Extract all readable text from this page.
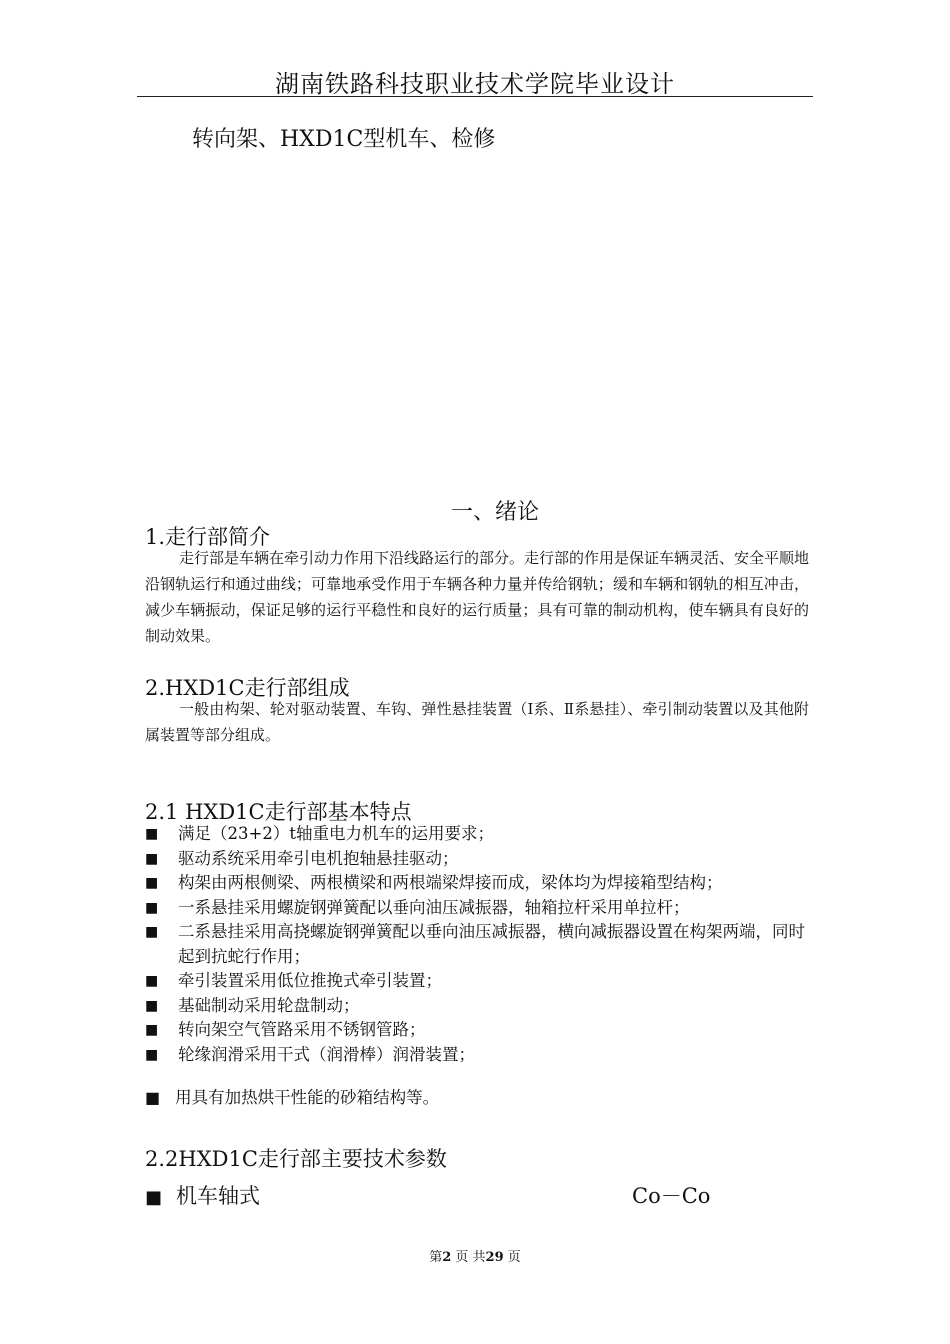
湖南铁路科技职业技术学院毕业设计
转向架、HXD1C型机车、检修
一、绪论
1.走行部简介
走行部是车辆在牵引动力作用下沿线路运行的部分。走行部的作用是保证车辆灵活、安全平顺地沿钢轨运行和通过曲线；可靠地承受作用于车辆各种力量并传给钢轨；缓和车辆和钢轨的相互冲击，减少车辆振动，保证足够的运行平稳性和良好的运行质量；具有可靠的制动机构，使车辆具有良好的制动效果。
2.HXD1C走行部组成
一般由构架、轮对驱动装置、车钩、弹性悬挂装置（Ⅰ系、Ⅱ系悬挂）、牵引制动装置以及其他附属装置等部分组成。
2.1 HXD1C走行部基本特点
■ 满足（23+2）t轴重电力机车的运用要求；
■ 驱动系统采用牵引电机抱轴悬挂驱动；
■ 构架由两根侧梁、两根横梁和两根端梁焊接而成，梁体均为焊接箱型结构；
■ 一系悬挂采用螺旋钢弹簧配以垂向油压减振器，轴箱拉杆采用单拉杆；
■ 二系悬挂采用高挠螺旋钢弹簧配以垂向油压减振器，横向减振器设置在构架两端，同时起到抗蛇行作用；
■ 牵引装置采用低位推挽式牵引装置；
■ 基础制动采用轮盘制动；
■ 转向架空气管路采用不锈钢管路；
■ 轮缘润滑采用干式（润滑棒）润滑装置；
■ 用具有加热烘干性能的砂箱结构等。
2.2HXD1C走行部主要技术参数
■ 机车轴式	Co－Co
第2 页 共29 页
